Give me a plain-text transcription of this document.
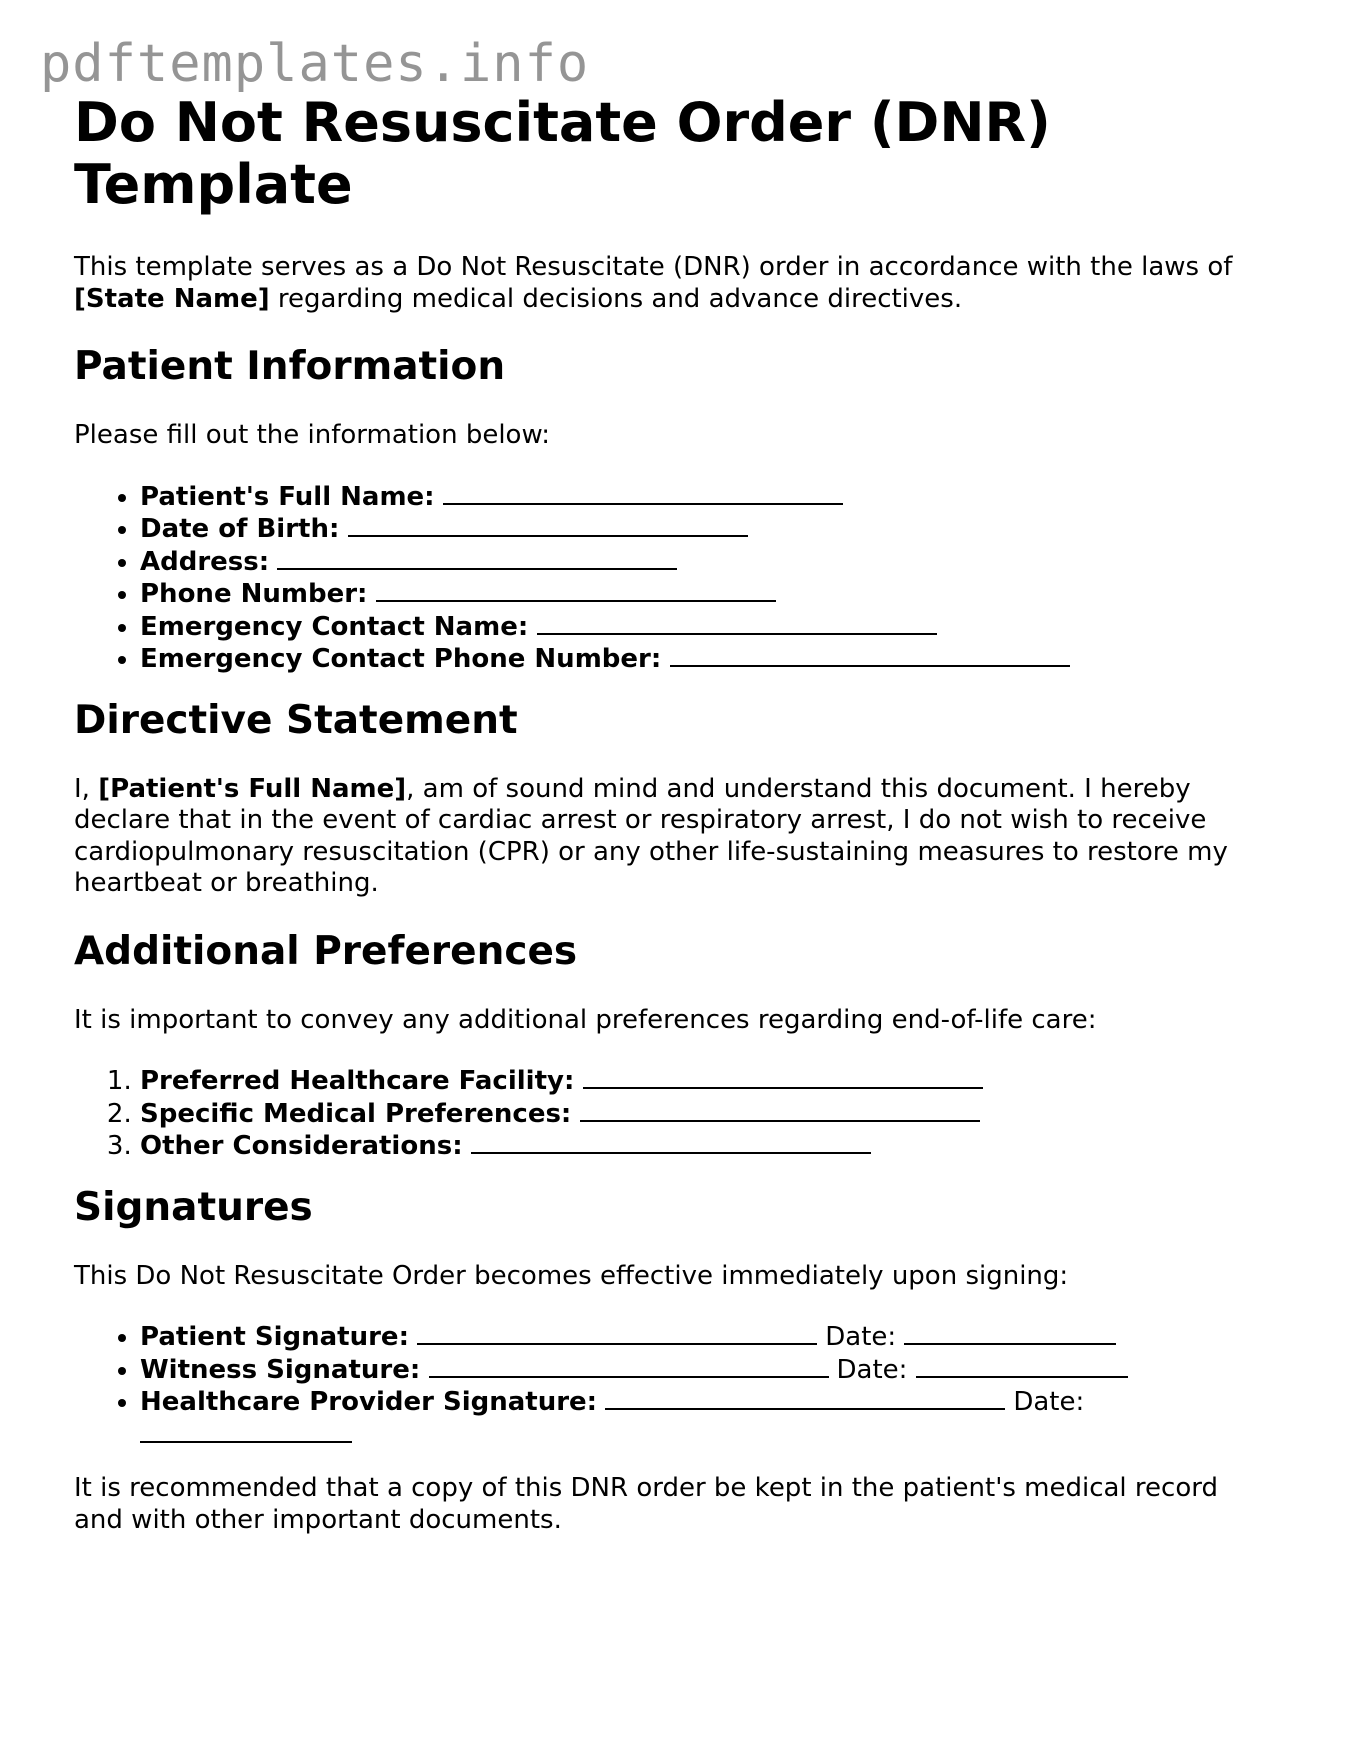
pdftemplates.info
Do Not Resuscitate Order (DNR) Template

This template serves as a Do Not Resuscitate (DNR) order in accordance with the laws of
[State Name] regarding medical decisions and advance directives.

Patient Information

Please fill out the information below:

• Patient's Full Name:
• Date of Birth:
• Address:
• Phone Number:
• Emergency Contact Name:
• Emergency Contact Phone Number:
Directive Statement

I, [Patient's Full Name], am of sound mind and understand this document. I hereby declare that in the event of cardiac arrest or respiratory arrest, I do not wish to receive cardiopulmonary resuscitation (CPR) or any other life-sustaining measures to restore my heartbeat or breathing.

Additional Preferences

It is important to convey any additional preferences regarding end-of-life care:

1. Preferred Healthcare Facility:
2. Specific Medical Preferences:
3. Other Considerations:
Signatures

This Do Not Resuscitate Order becomes effective immediately upon signing:

• Patient Signature:	Date:
• Witness Signature:	Date:
• Healthcare Provider Signature:	Date:

It is recommended that a copy of this DNR order be kept in the patient's medical record and with other important documents.
